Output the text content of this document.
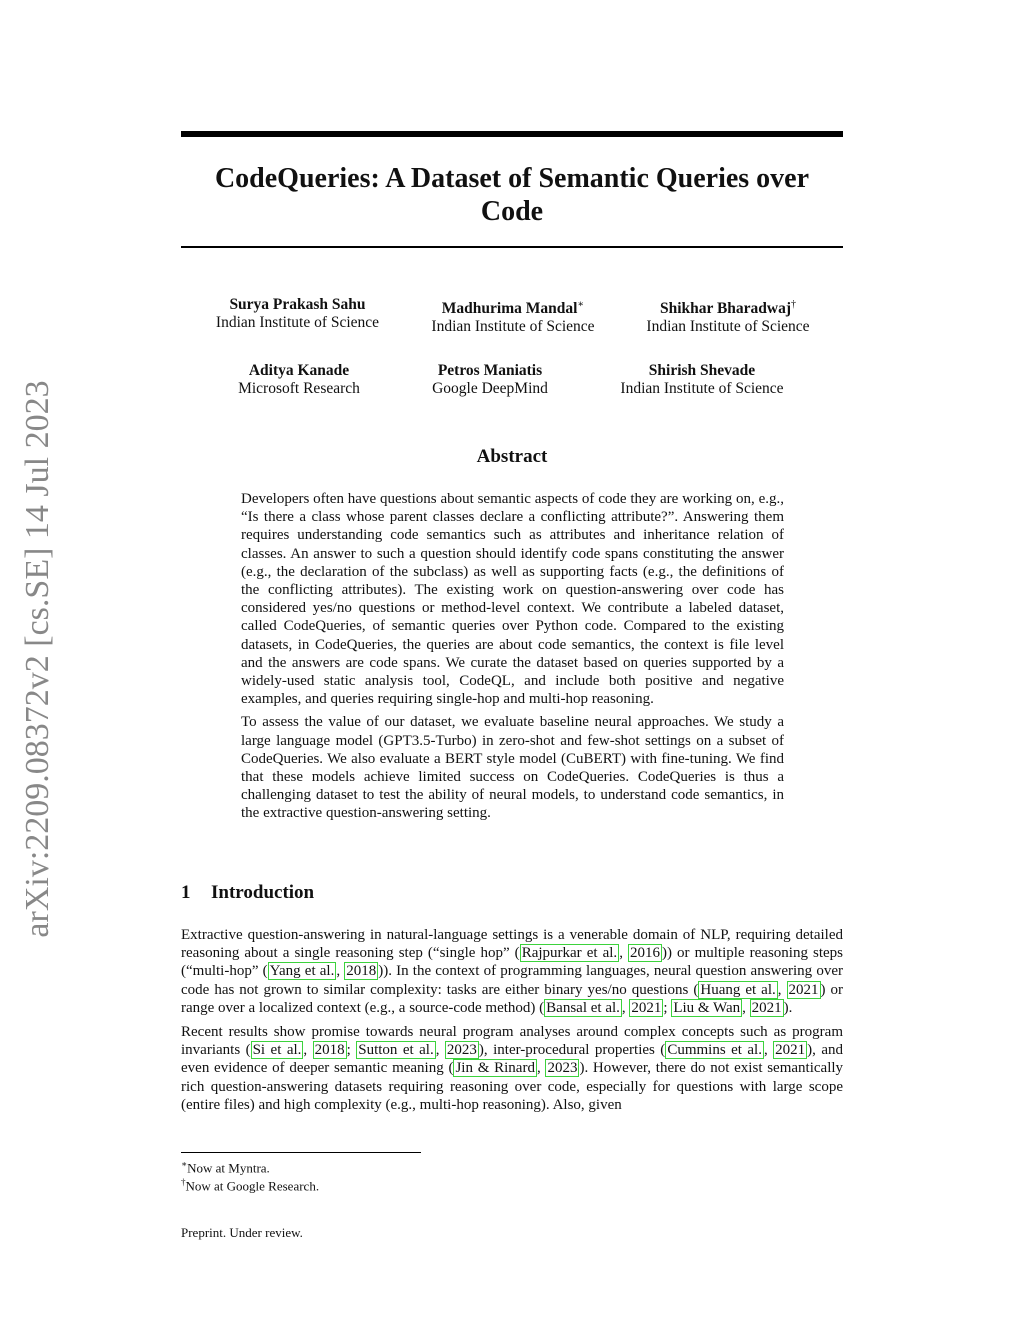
arXiv:2209.08372v2 [cs.SE] 14 Jul 2023
CodeQueries: A Dataset of Semantic Queries over Code
Surya Prakash Sahu
Indian Institute of Science
Madhurima Mandal∗
Indian Institute of Science
Shikhar Bharadwaj†
Indian Institute of Science
Aditya Kanade
Microsoft Research
Petros Maniatis
Google DeepMind
Shirish Shevade
Indian Institute of Science
Abstract

Developers often have questions about semantic aspects of code they are working on, e.g., “Is there a class whose parent classes declare a conflicting attribute?”. Answering them requires understanding code semantics such as attributes and inheritance relation of classes. An answer to such a question should identify code spans constituting the answer (e.g., the declaration of the subclass) as well as supporting facts (e.g., the definitions of the conflicting attributes). The existing work on question-answering over code has considered yes/no questions or method-level context. We contribute a labeled dataset, called CodeQueries, of semantic queries over Python code. Compared to the existing datasets, in CodeQueries, the queries are about code semantics, the context is file level and the answers are code spans. We curate the dataset based on queries supported by a widely-used static analysis tool, CodeQL, and include both positive and negative examples, and queries requiring single-hop and multi-hop reasoning.

To assess the value of our dataset, we evaluate baseline neural approaches. We study a large language model (GPT3.5-Turbo) in zero-shot and few-shot settings on a subset of CodeQueries. We also evaluate a BERT style model (CuBERT) with fine-tuning. We find that these models achieve limited success on CodeQueries. CodeQueries is thus a challenging dataset to test the ability of neural models, to understand code semantics, in the extractive question-answering setting.

1 Introduction

Extractive question-answering in natural-language settings is a venerable domain of NLP, requiring detailed reasoning about a single reasoning step (“single hop” ( Rajpurkar et al. , 2016 )) or multiple reasoning steps (“multi-hop” ( Yang et al. , 2018 )). In the context of programming languages, neural question answering over code has not grown to similar complexity: tasks are either binary yes/no questions ( Huang et al. , 2021 ) or range over a localized context (e.g., a source-code method) ( Bansal et al. , 2021 ; Liu & Wan , 2021 ).

Recent results show promise towards neural program analyses around complex concepts such as program invariants ( Si et al. , 2018 ; Sutton et al. , 2023 ), inter-procedural properties ( Cummins et al. , 2021 ), and even evidence of deeper semantic meaning ( Jin & Rinard , 2023 ). However, there do not exist semantically rich question-answering datasets requiring reasoning over code, especially for questions with large scope (entire files) and high complexity (e.g., multi-hop reasoning). Also, given

∗Now at Myntra.
†Now at Google Research.
Preprint. Under review.
